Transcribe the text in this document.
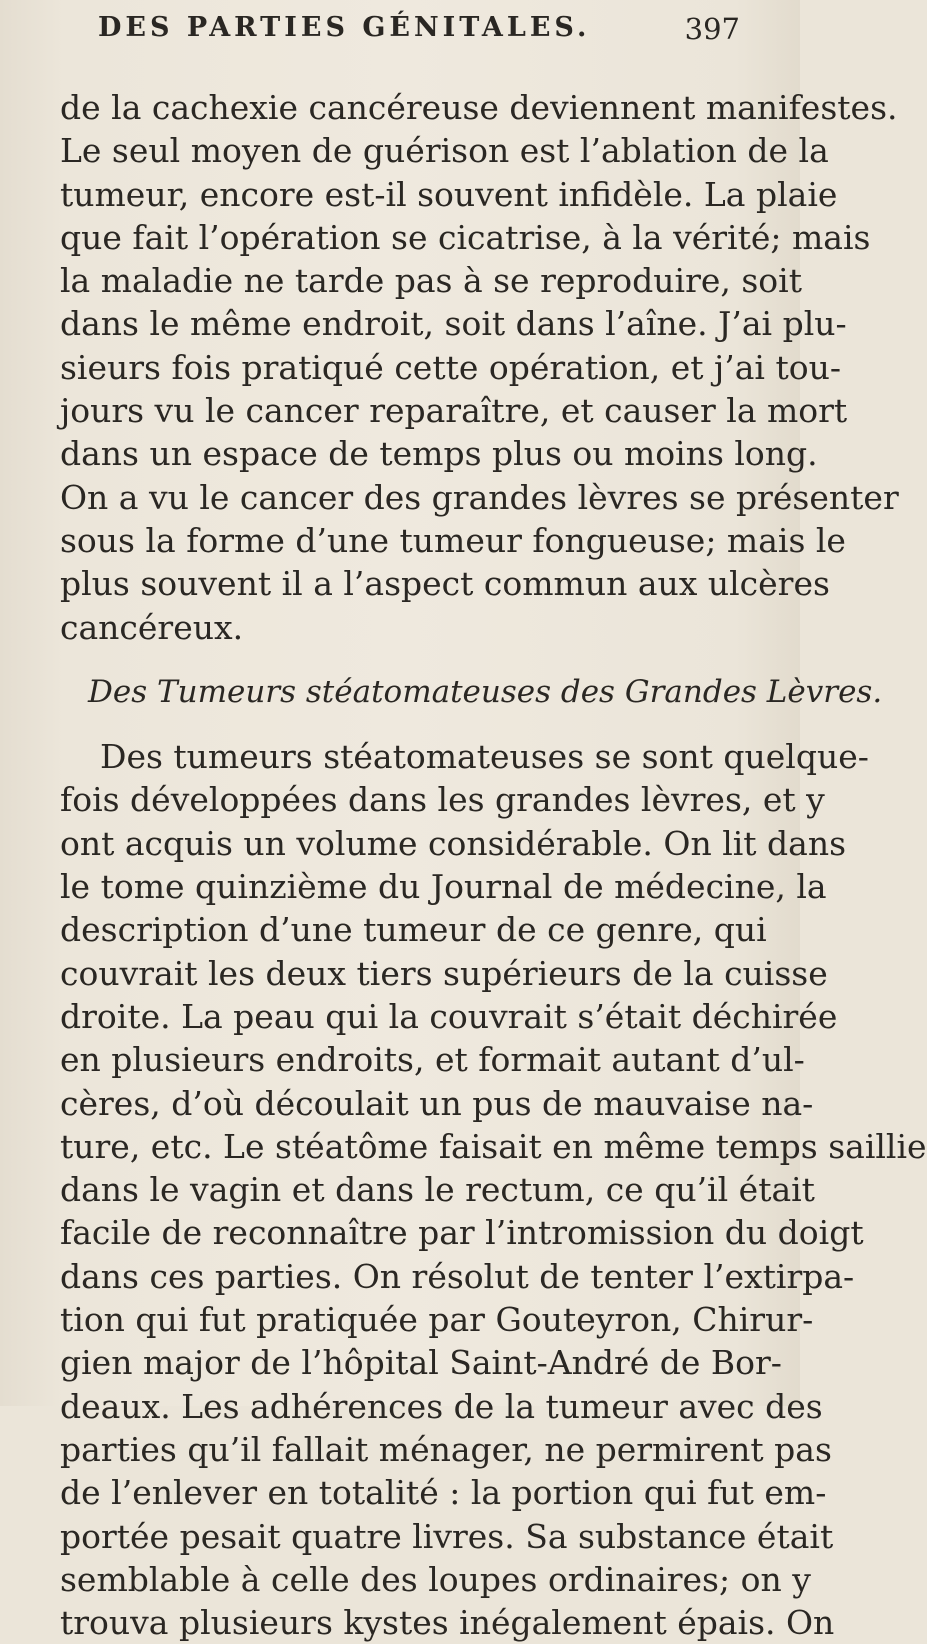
DES PARTIES GÉNITALES.	397
de la cachexie cancéreuse deviennent manifestes.
Le seul moyen de guérison est l’ablation de la
tumeur, encore est-il souvent infidèle. La plaie
que fait l’opération se cicatrise, à la vérité; mais
la maladie ne tarde pas à se reproduire, soit
dans le même endroit, soit dans l’aîne. J’ai plu-
sieurs fois pratiqué cette opération, et j’ai tou-
jours vu le cancer reparaître, et causer la mort
dans un espace de temps plus ou moins long.
On a vu le cancer des grandes lèvres se présenter
sous la forme d’une tumeur fongueuse; mais le
plus souvent il a l’aspect commun aux ulcères
cancéreux.
Des Tumeurs stéatomateuses des Grandes Lèvres.
Des tumeurs stéatomateuses se sont quelque-
fois développées dans les grandes lèvres, et y
ont acquis un volume considérable. On lit dans
le tome quinzième du Journal de médecine, la
description d’une tumeur de ce genre, qui
couvrait les deux tiers supérieurs de la cuisse
droite. La peau qui la couvrait s’était déchirée
en plusieurs endroits, et formait autant d’ul-
cères, d’où découlait un pus de mauvaise na-
ture, etc. Le stéatôme faisait en même temps saillie
dans le vagin et dans le rectum, ce qu’il était
facile de reconnaître par l’intromission du doigt
dans ces parties. On résolut de tenter l’extirpa-
tion qui fut pratiquée par Gouteyron, Chirur-
gien major de l’hôpital Saint-André de Bor-
deaux. Les adhérences de la tumeur avec des
parties qu’il fallait ménager, ne permirent pas
de l’enlever en totalité : la portion qui fut em-
portée pesait quatre livres. Sa substance était
semblable à celle des loupes ordinaires; on y
trouva plusieurs kystes inégalement épais. On
